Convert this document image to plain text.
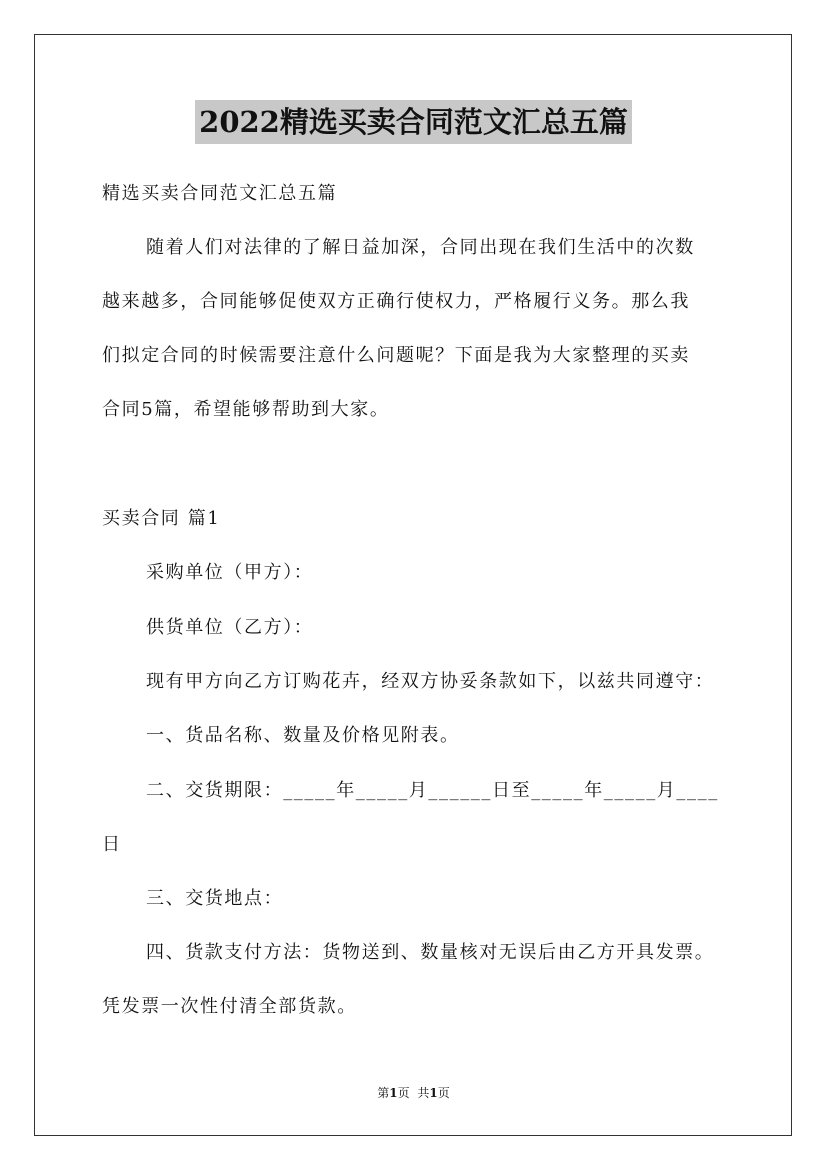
2022精选买卖合同范文汇总五篇
精选买卖合同范文汇总五篇
随着人们对法律的了解日益加深，合同出现在我们生活中的次数
越来越多，合同能够促使双方正确行使权力，严格履行义务。那么我
们拟定合同的时候需要注意什么问题呢？下面是我为大家整理的买卖
合同5篇，希望能够帮助到大家。
买卖合同 篇1
采购单位（甲方）：
供货单位（乙方）：
现有甲方向乙方订购花卉，经双方协妥条款如下，以兹共同遵守：
一、货品名称、数量及价格见附表。
二、交货期限：_____年_____月______日至_____年_____月____
日
三、交货地点：
四、货款支付方法：货物送到、数量核对无误后由乙方开具发票。
凭发票一次性付清全部货款。
第1页 共1页
